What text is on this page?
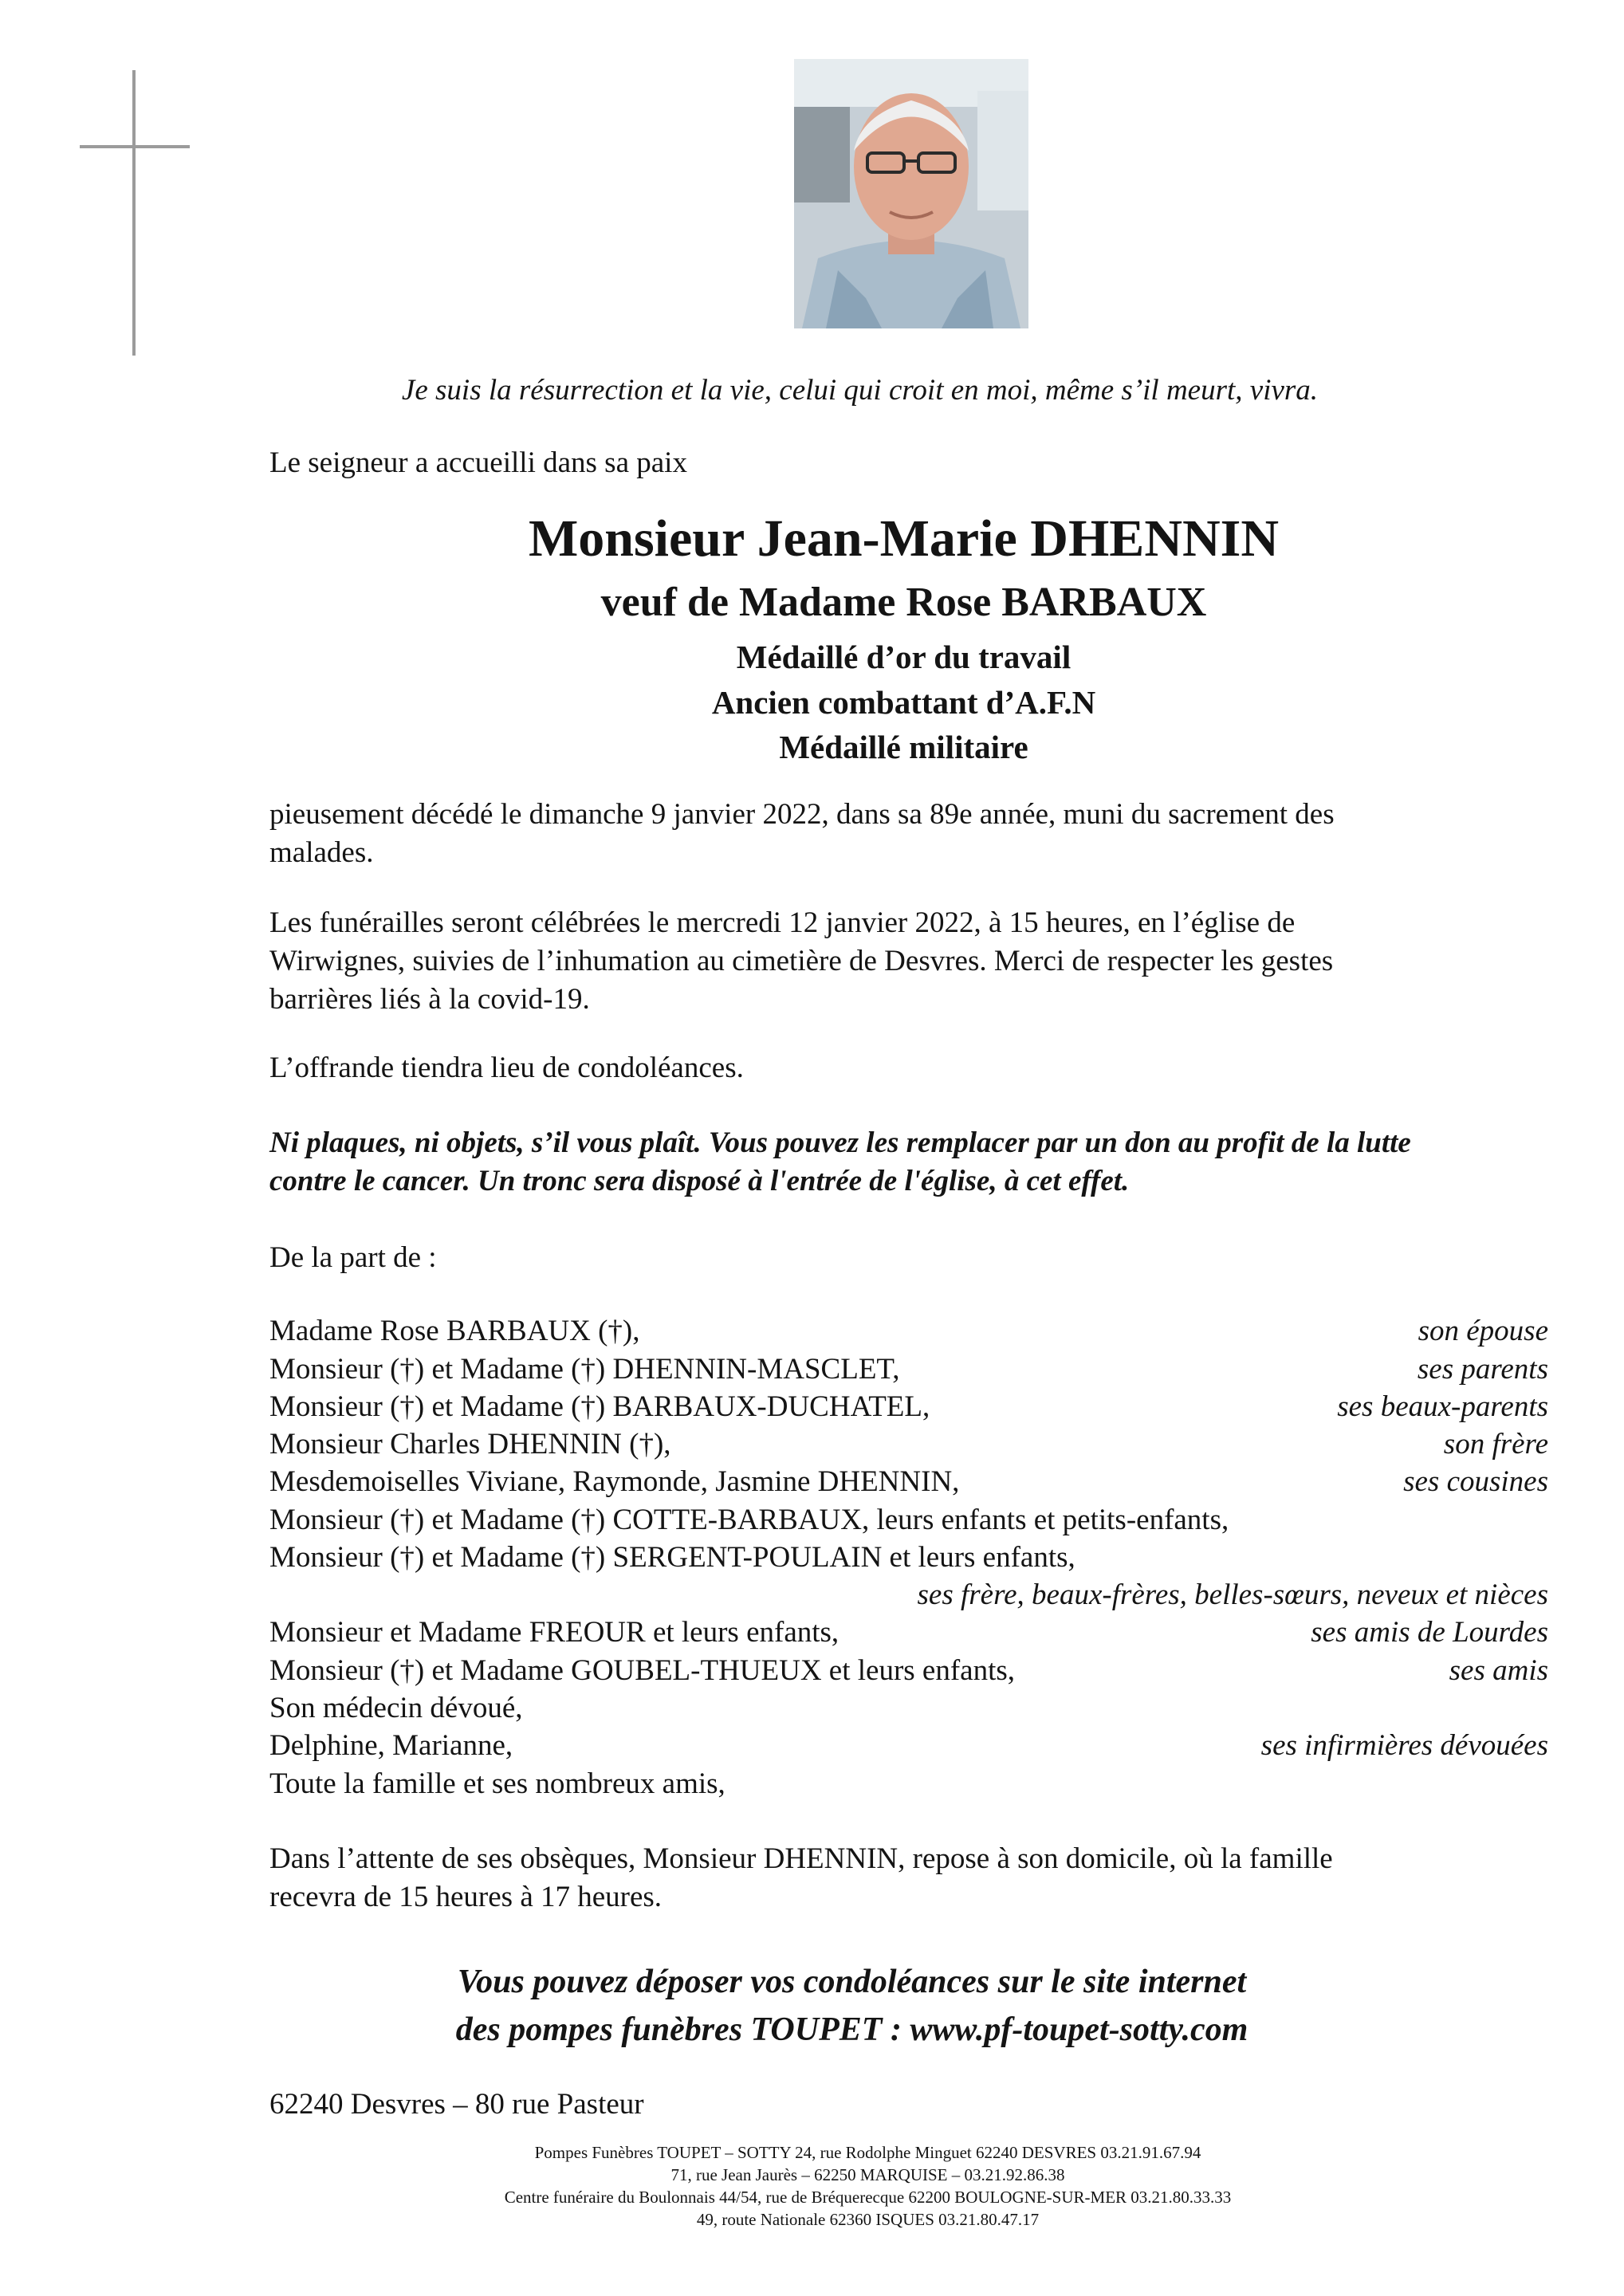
Je suis la résurrection et la vie, celui qui croit en moi, même s’il meurt, vivra.
Le seigneur a accueilli dans sa paix
Monsieur Jean-Marie DHENNIN
veuf de Madame Rose BARBAUX
Médaillé d’or du travail
Ancien combattant d’A.F.N
Médaillé militaire
pieusement décédé le dimanche 9 janvier 2022, dans sa 89e année, muni du sacrement des
malades.
Les funérailles seront célébrées le mercredi 12 janvier 2022, à 15 heures, en l’église de
Wirwignes, suivies de l’inhumation au cimetière de Desvres. Merci de respecter les gestes
barrières liés à la covid-19.
L’offrande tiendra lieu de condoléances.
Ni plaques, ni objets, s’il vous plaît. Vous pouvez les remplacer par un don au profit de la lutte
contre le cancer. Un tronc sera disposé à l'entrée de l'église, à cet effet.
De la part de :
Madame Rose BARBAUX (†),	son épouse
Monsieur (†) et Madame (†) DHENNIN-MASCLET,	ses parents
Monsieur (†) et Madame (†) BARBAUX-DUCHATEL,	ses beaux-parents
Monsieur Charles DHENNIN (†),	son frère
Mesdemoiselles Viviane, Raymonde, Jasmine DHENNIN,	ses cousines
Monsieur (†) et Madame (†) COTTE-BARBAUX, leurs enfants et petits-enfants,
Monsieur (†) et Madame (†) SERGENT-POULAIN et leurs enfants,
ses frère, beaux-frères, belles-sœurs, neveux et nièces
Monsieur et Madame FREOUR et leurs enfants,	ses amis de Lourdes
Monsieur (†) et Madame GOUBEL-THUEUX et leurs enfants,	ses amis
Son médecin dévoué,
Delphine, Marianne,	ses infirmières dévouées
Toute la famille et ses nombreux amis,
Dans l’attente de ses obsèques, Monsieur DHENNIN, repose à son domicile, où la famille
recevra de 15 heures à 17 heures.
Vous pouvez déposer vos condoléances sur le site internet
des pompes funèbres TOUPET : www.pf-toupet-sotty.com
62240 Desvres – 80 rue Pasteur
Pompes Funèbres TOUPET – SOTTY 24, rue Rodolphe Minguet 62240 DESVRES 03.21.91.67.94
71, rue Jean Jaurès – 62250 MARQUISE – 03.21.92.86.38
Centre funéraire du Boulonnais 44/54, rue de Bréquerecque 62200 BOULOGNE-SUR-MER 03.21.80.33.33
49, route Nationale 62360 ISQUES 03.21.80.47.17
